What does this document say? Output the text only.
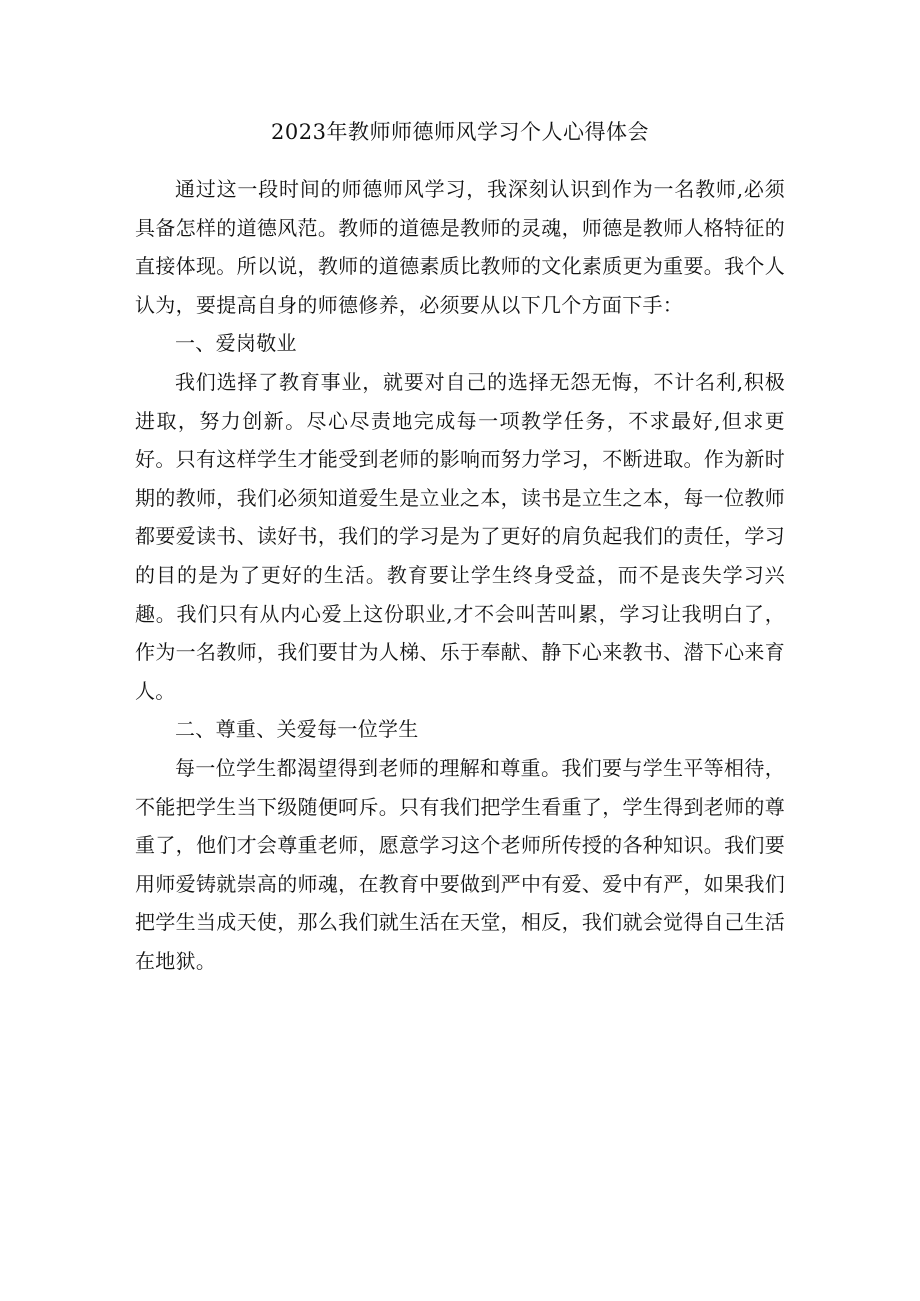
2023年教师师德师风学习个人心得体会

通过这一段时间的师德师风学习，我深刻认识到作为一名教师,必须具备怎样的道德风范。教师的道德是教师的灵魂，师德是教师人格特征的直接体现。所以说，教师的道德素质比教师的文化素质更为重要。我个人认为，要提高自身的师德修养，必须要从以下几个方面下手：

一、爱岗敬业

我们选择了教育事业，就要对自己的选择无怨无悔，不计名利,积极进取，努力创新。尽心尽责地完成每一项教学任务，不求最好,但求更好。只有这样学生才能受到老师的影响而努力学习，不断进取。作为新时期的教师，我们必须知道爱生是立业之本，读书是立生之本，每一位教师都要爱读书、读好书，我们的学习是为了更好的肩负起我们的责任，学习的目的是为了更好的生活。教育要让学生终身受益，而不是丧失学习兴趣。我们只有从内心爱上这份职业,才不会叫苦叫累，学习让我明白了，作为一名教师，我们要甘为人梯、乐于奉献、静下心来教书、潜下心来育人。

二、尊重、关爱每一位学生

每一位学生都渴望得到老师的理解和尊重。我们要与学生平等相待，不能把学生当下级随便呵斥。只有我们把学生看重了，学生得到老师的尊重了，他们才会尊重老师，愿意学习这个老师所传授的各种知识。我们要用师爱铸就崇高的师魂，在教育中要做到严中有爱、爱中有严，如果我们把学生当成天使，那么我们就生活在天堂，相反，我们就会觉得自己生活在地狱。
